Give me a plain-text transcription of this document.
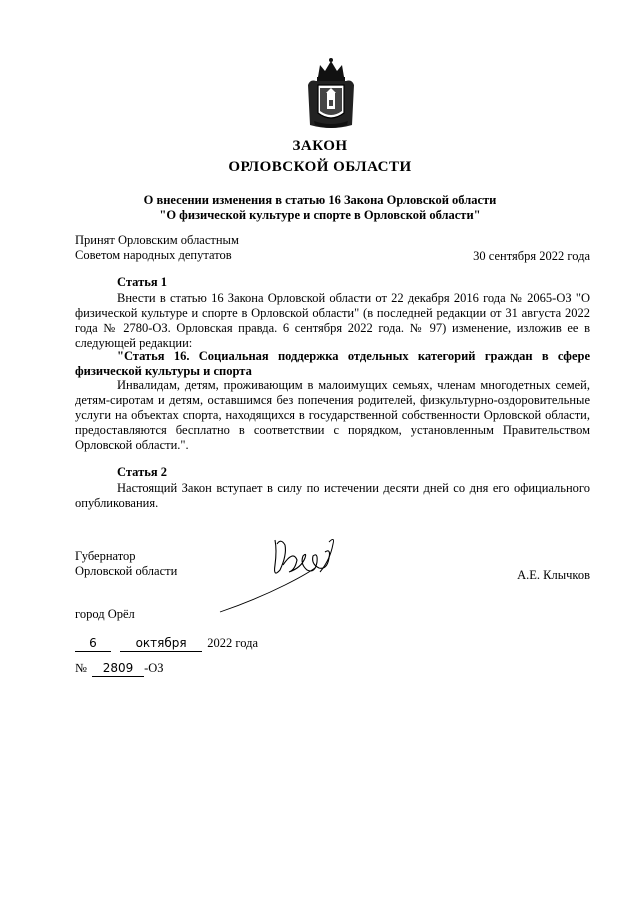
ЗАКОН
ОРЛОВСКОЙ ОБЛАСТИ
О внесении изменения в статью 16 Закона Орловской области
"О физической культуре и спорте в Орловской области"
Принят Орловским областным
Советом народных депутатов	30 сентября 2022 года
Статья 1
Внести в статью 16 Закона Орловской области от 22 декабря 2016 года № 2065-ОЗ "О физической культуре и спорте в Орловской области" (в последней редакции от 31 августа 2022 года № 2780-ОЗ. Орловская правда. 6 сентября 2022 года. № 97) изменение, изложив ее в следующей редакции:
"Статья 16. Социальная поддержка отдельных категорий граждан в сфере физической культуры и спорта
Инвалидам, детям, проживающим в малоимущих семьях, членам многодетных семей, детям-сиротам и детям, оставшимся без попечения родителей, физкультурно-оздоровительные услуги на объектах спорта, находящихся в государственной собственности Орловской области, предоставляются бесплатно в соответствии с порядком, установленным Правительством Орловской области.".
Статья 2
Настоящий Закон вступает в силу по истечении десяти дней со дня его официального опубликования.
Губернатор
Орловской области	А.Е. Клычков
город Орёл
6	октября 2022 года
№ 2809 -ОЗ
